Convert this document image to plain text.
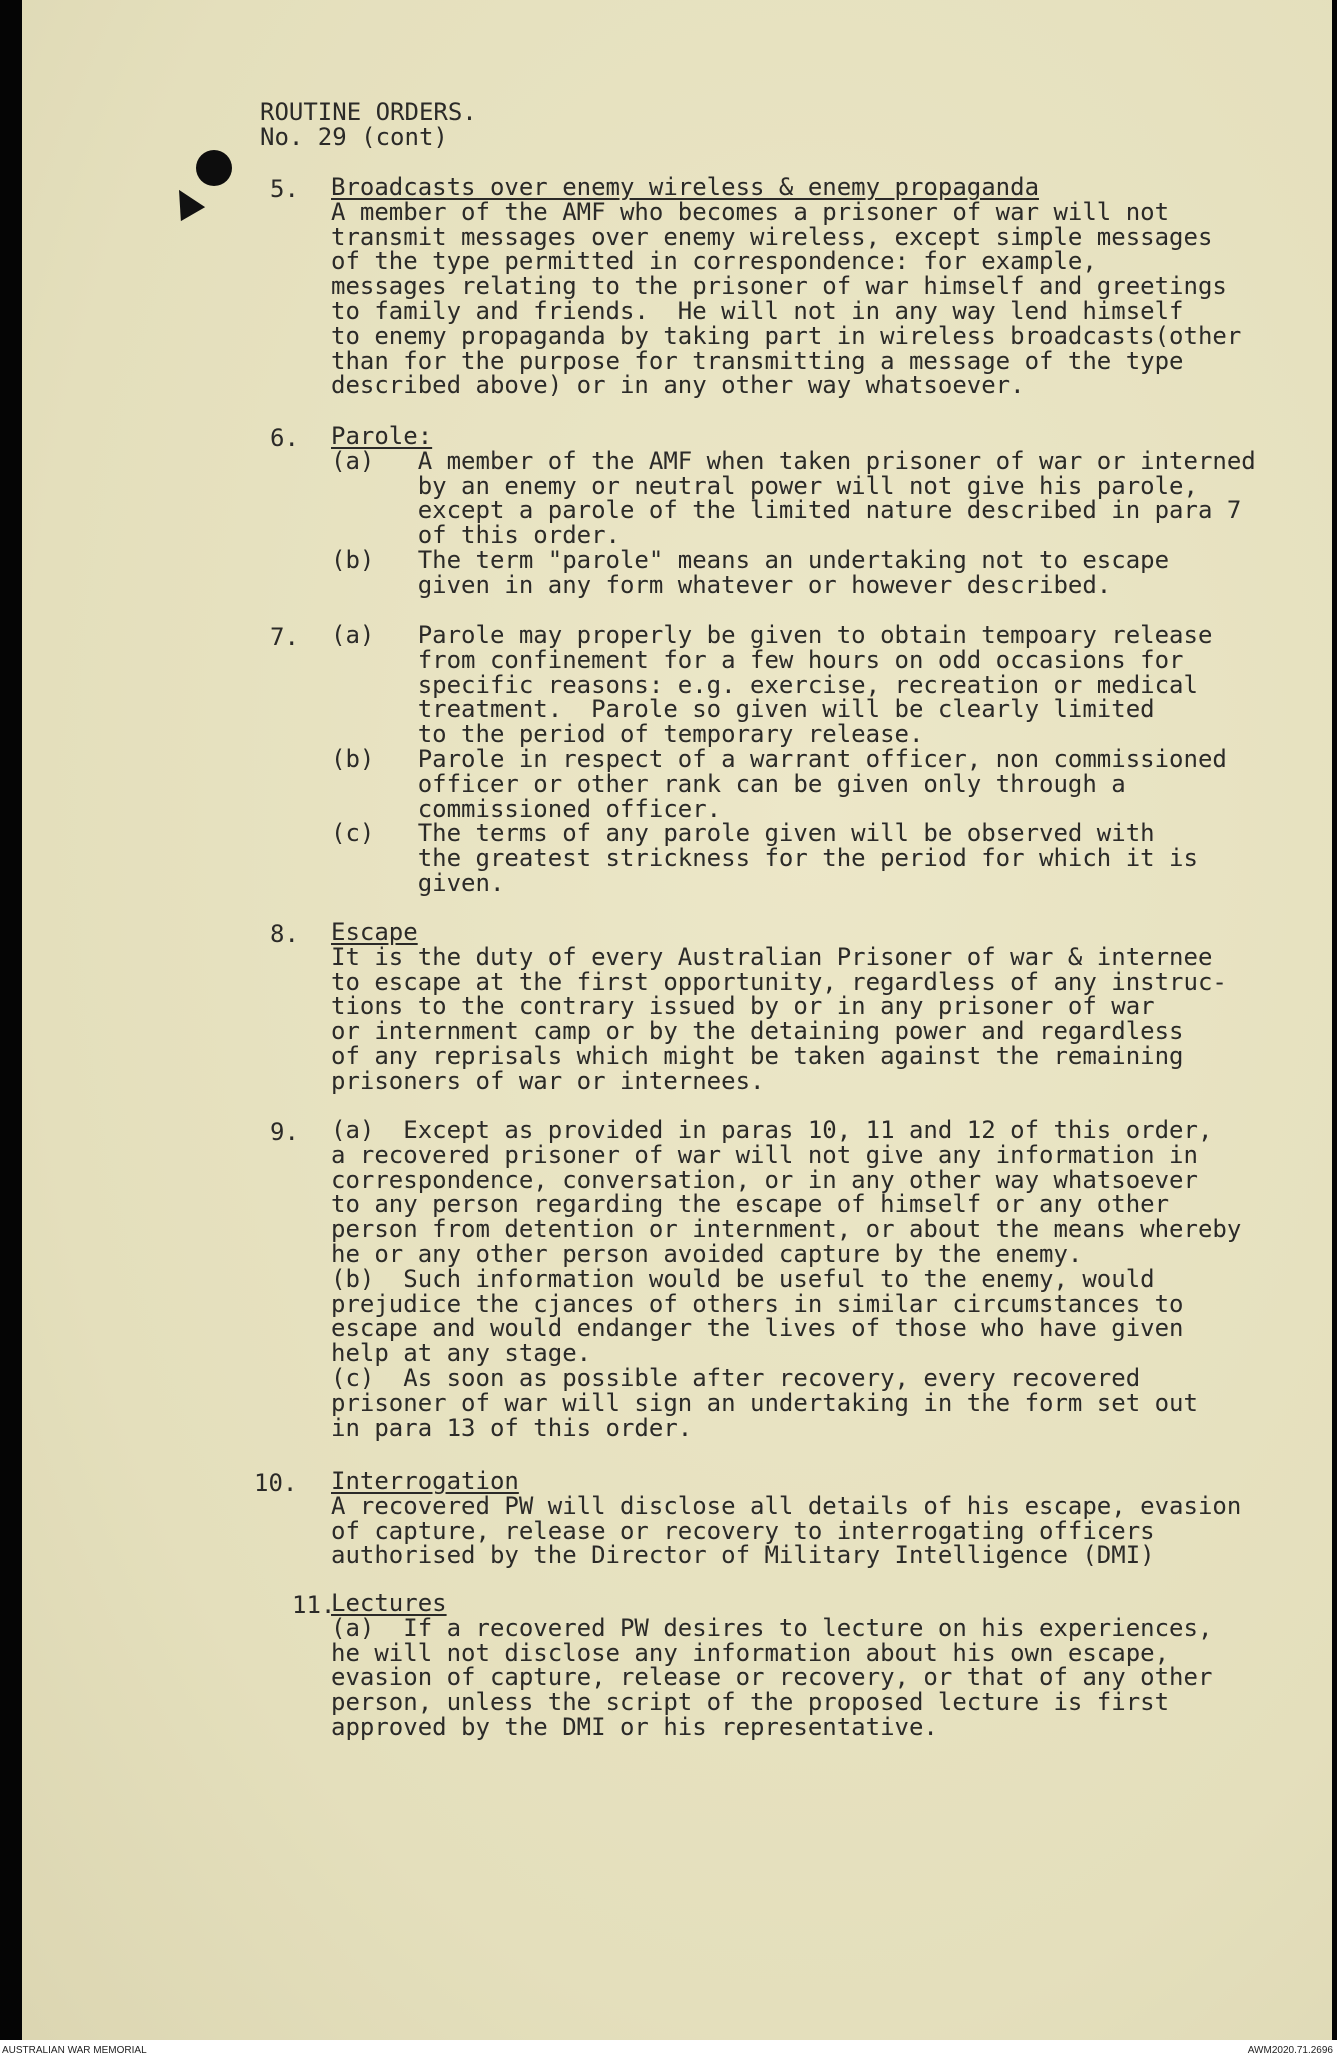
ROUTINE ORDERS.
No. 29 (cont)
5. Broadcasts over enemy wireless & enemy propaganda
A member of the AMF who becomes a prisoner of war will not
transmit messages over enemy wireless, except simple messages
of the type permitted in correspondence: for example,
messages relating to the prisoner of war himself and greetings
to family and friends.  He will not in any way lend himself
to enemy propaganda by taking part in wireless broadcasts(other
than for the purpose for transmitting a message of the type
described above) or in any other way whatsoever.
6. Parole:
(a)   A member of the AMF when taken prisoner of war or interned
by an enemy or neutral power will not give his parole,
except a parole of the limited nature described in para 7
of this order.
(b)   The term "parole" means an undertaking not to escape
given in any form whatever or however described.
7. (a)   Parole may properly be given to obtain tempoary release
from confinement for a few hours on odd occasions for
specific reasons: e.g. exercise, recreation or medical
treatment.  Parole so given will be clearly limited
to the period of temporary release.
(b)   Parole in respect of a warrant officer, non commissioned
officer or other rank can be given only through a
commissioned officer.
(c)   The terms of any parole given will be observed with
the greatest strickness for the period for which it is
given.
8. Escape
It is the duty of every Australian Prisoner of war & internee
to escape at the first opportunity, regardless of any instruc-
tions to the contrary issued by or in any prisoner of war
or internment camp or by the detaining power and regardless
of any reprisals which might be taken against the remaining
prisoners of war or internees.
9. (a)  Except as provided in paras 10, 11 and 12 of this order,
a recovered prisoner of war will not give any information in
correspondence, conversation, or in any other way whatsoever
to any person regarding the escape of himself or any other
person from detention or internment, or about the means whereby
he or any other person avoided capture by the enemy.
(b)  Such information would be useful to the enemy, would
prejudice the cjances of others in similar circumstances to
escape and would endanger the lives of those who have given
help at any stage.
(c)  As soon as possible after recovery, every recovered
prisoner of war will sign an undertaking in the form set out
in para 13 of this order.
10. Interrogation
A recovered PW will disclose all details of his escape, evasion
of capture, release or recovery to interrogating officers
authorised by the Director of Military Intelligence (DMI)
11.
Lectures
(a)  If a recovered PW desires to lecture on his experiences,
he will not disclose any information about his own escape,
evasion of capture, release or recovery, or that of any other
person, unless the script of the proposed lecture is first
approved by the DMI or his representative.
AUSTRALIAN WAR MEMORIAL	AWM2020.71.2696
